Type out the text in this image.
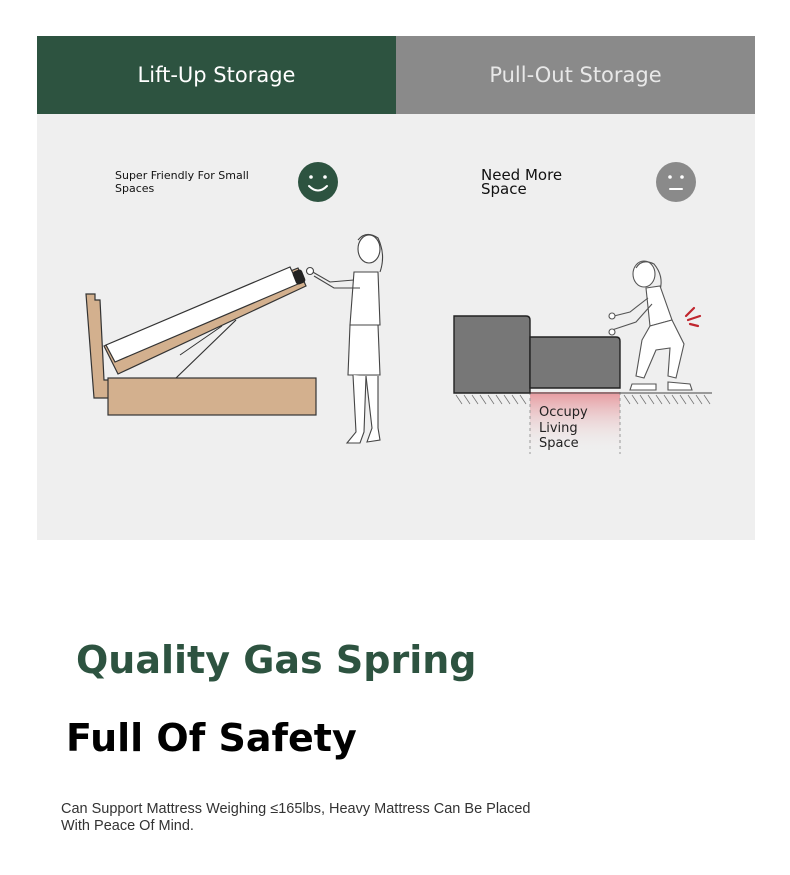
Lift-Up Storage	Pull-Out Storage
Super Friendly For Small Spaces
Need More Space
Occupy Living Space
Quality Gas Spring
Full Of Safety
Can Support Mattress Weighing ≤165lbs, Heavy Mattress Can Be Placed With Peace Of Mind.
